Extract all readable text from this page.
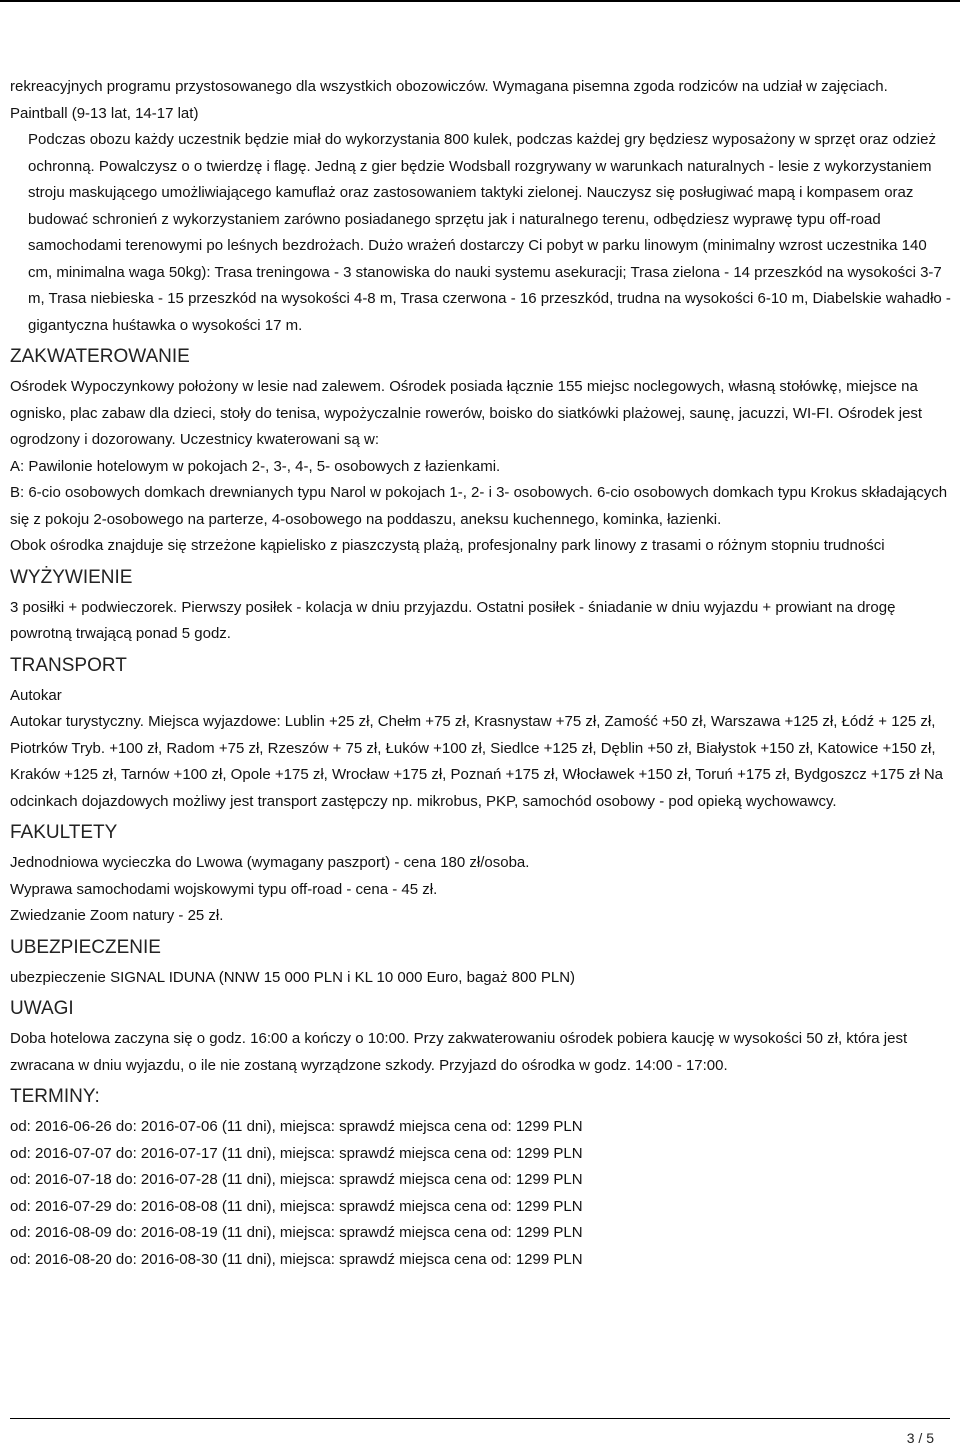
rekreacyjnych programu przystosowanego dla wszystkich obozowiczów. Wymagana pisemna zgoda rodziców na udział w zajęciach.

Paintball (9-13 lat, 14-17 lat)

Podczas obozu każdy uczestnik będzie miał do wykorzystania 800 kulek, podczas każdej gry będziesz wyposażony w sprzęt oraz odzież ochronną. Powalczysz o o twierdzę i flagę. Jedną z gier będzie Wodsball rozgrywany w warunkach naturalnych - lesie z wykorzystaniem stroju maskującego umożliwiającego kamuflaż oraz zastosowaniem taktyki zielonej. Nauczysz się posługiwać mapą i kompasem oraz budować schronień z wykorzystaniem zarówno posiadanego sprzętu jak i naturalnego terenu, odbędziesz wyprawę typu off-road samochodami terenowymi po leśnych bezdrożach. Dużo wrażeń dostarczy Ci pobyt w parku linowym (minimalny wzrost uczestnika 140 cm, minimalna waga 50kg): Trasa treningowa - 3 stanowiska do nauki systemu asekuracji; Trasa zielona - 14 przeszkód na wysokości 3-7 m, Trasa niebieska - 15 przeszkód na wysokości 4-8 m, Trasa czerwona - 16 przeszkód, trudna na wysokości 6-10 m, Diabelskie wahadło - gigantyczna huśtawka o wysokości 17 m.

ZAKWATEROWANIE

Ośrodek Wypoczynkowy położony w lesie nad zalewem. Ośrodek posiada łącznie 155 miejsc noclegowych, własną stołówkę, miejsce na ognisko, plac zabaw dla dzieci, stoły do tenisa, wypożyczalnie rowerów, boisko do siatkówki plażowej, saunę, jacuzzi, WI-FI. Ośrodek jest ogrodzony i dozorowany. Uczestnicy kwaterowani są w:

A: Pawilonie hotelowym w pokojach 2-, 3-, 4-, 5- osobowych z łazienkami.

B: 6-cio osobowych domkach drewnianych typu Narol w pokojach 1-, 2- i 3- osobowych. 6-cio osobowych domkach typu Krokus składających się z pokoju 2-osobowego na parterze, 4-osobowego na poddaszu, aneksu kuchennego, kominka, łazienki.

Obok ośrodka znajduje się strzeżone kąpielisko z piaszczystą plażą, profesjonalny park linowy z trasami o różnym stopniu trudności

WYŻYWIENIE

3 posiłki + podwieczorek. Pierwszy posiłek - kolacja w dniu przyjazdu. Ostatni posiłek - śniadanie w dniu wyjazdu + prowiant na drogę powrotną trwającą ponad 5 godz.

TRANSPORT

Autokar

Autokar turystyczny. Miejsca wyjazdowe: Lublin +25 zł, Chełm +75 zł, Krasnystaw +75 zł, Zamość +50 zł, Warszawa +125 zł, Łódź + 125 zł, Piotrków Tryb. +100 zł, Radom +75 zł, Rzeszów + 75 zł, Łuków +100 zł, Siedlce +125 zł, Dęblin +50 zł, Białystok +150 zł, Katowice +150 zł, Kraków +125 zł, Tarnów +100 zł, Opole +175 zł, Wrocław +175 zł, Poznań +175 zł, Włocławek +150 zł, Toruń +175 zł, Bydgoszcz +175 zł Na odcinkach dojazdowych możliwy jest transport zastępczy np. mikrobus, PKP, samochód osobowy - pod opieką wychowawcy.

FAKULTETY

Jednodniowa wycieczka do Lwowa (wymagany paszport) - cena 180 zł/osoba.

Wyprawa samochodami wojskowymi typu off-road - cena - 45 zł.

Zwiedzanie Zoom natury - 25 zł.

UBEZPIECZENIE

ubezpieczenie SIGNAL IDUNA (NNW 15 000 PLN i KL 10 000 Euro, bagaż 800 PLN)

UWAGI

Doba hotelowa zaczyna się o godz. 16:00 a kończy o 10:00. Przy zakwaterowaniu ośrodek pobiera kaucję w wysokości 50 zł, która jest zwracana w dniu wyjazdu, o ile nie zostaną wyrządzone szkody. Przyjazd do ośrodka w godz. 14:00 - 17:00.

TERMINY:

od: 2016-06-26 do: 2016-07-06 (11 dni), miejsca: sprawdź miejsca cena od: 1299 PLN

od: 2016-07-07 do: 2016-07-17 (11 dni), miejsca: sprawdź miejsca cena od: 1299 PLN

od: 2016-07-18 do: 2016-07-28 (11 dni), miejsca: sprawdź miejsca cena od: 1299 PLN

od: 2016-07-29 do: 2016-08-08 (11 dni), miejsca: sprawdź miejsca cena od: 1299 PLN

od: 2016-08-09 do: 2016-08-19 (11 dni), miejsca: sprawdź miejsca cena od: 1299 PLN

od: 2016-08-20 do: 2016-08-30 (11 dni), miejsca: sprawdź miejsca cena od: 1299 PLN

3 / 5
